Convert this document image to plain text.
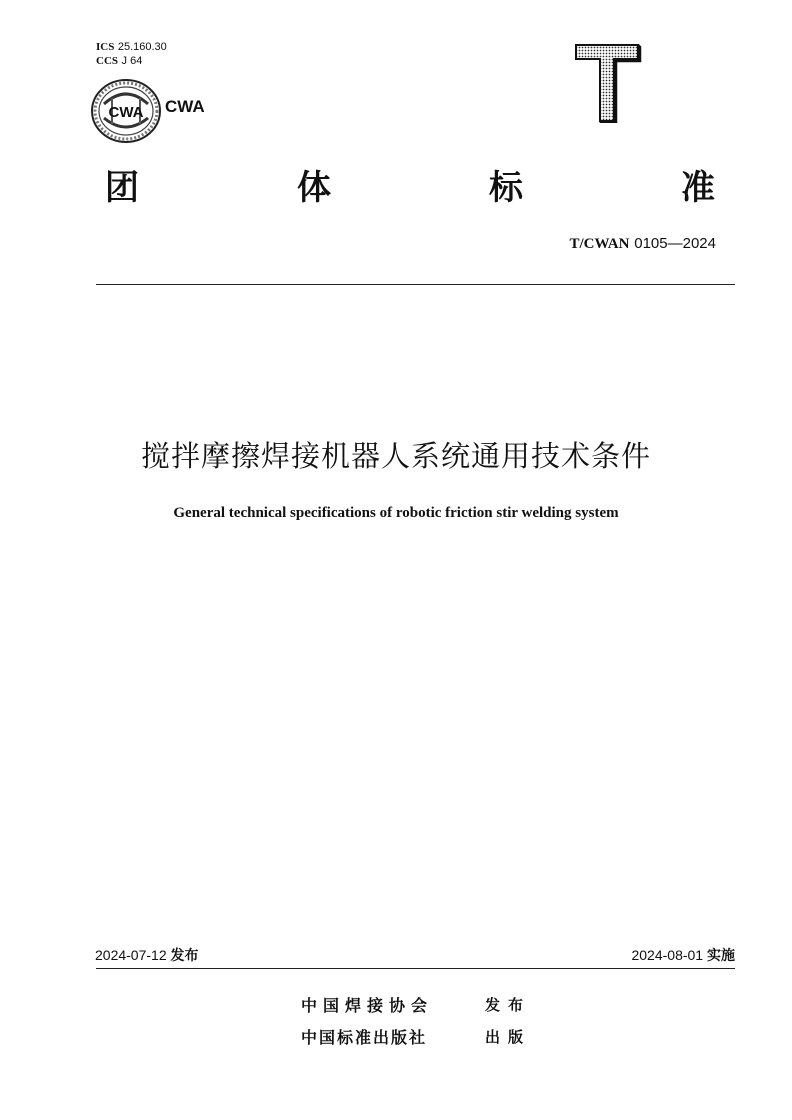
ICS 25.160.30
CCS J 64
CWA CWA
团	体	标	准
T/CWAN 0105—2024
搅拌摩擦焊接机器人系统通用技术条件
General technical specifications of robotic friction stir welding system
2024-07-12 发布	2024-08-01 实施
中国焊接协会	发布
中国标准出版社	出版
